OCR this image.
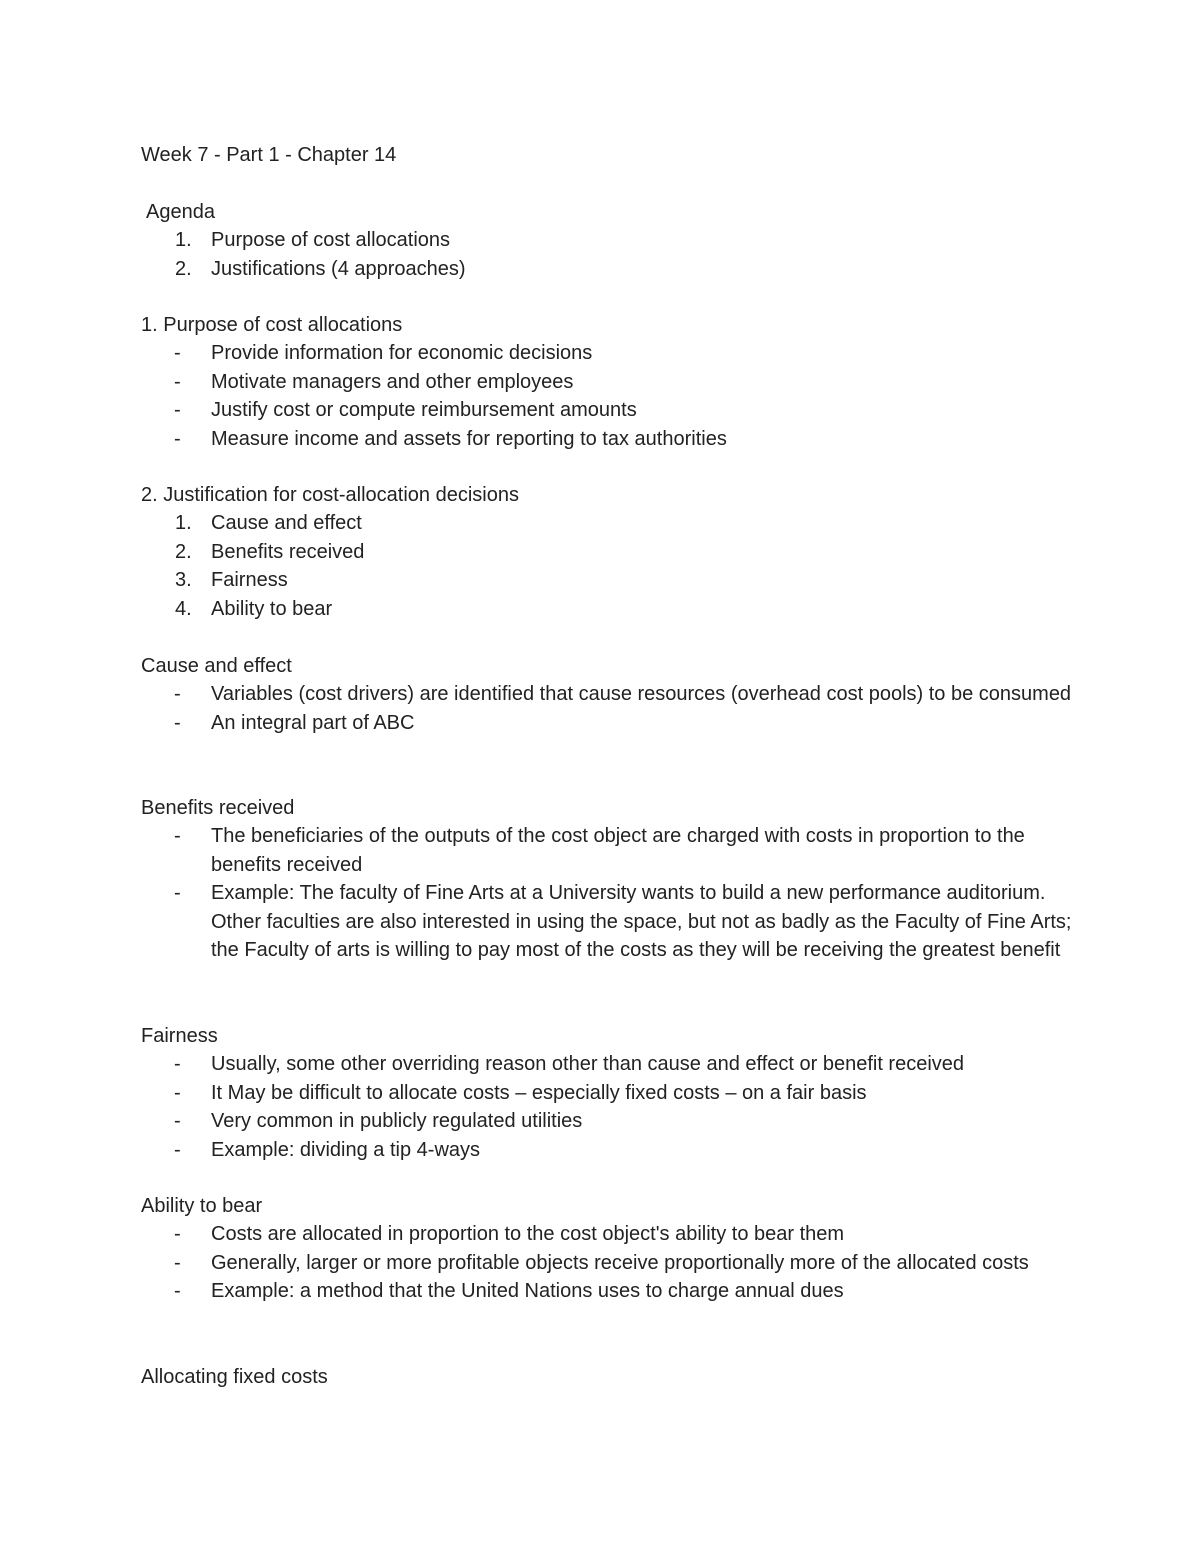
Week 7 - Part 1 - Chapter 14
Agenda
1. Purpose of cost allocations
2. Justifications (4 approaches)
1. Purpose of cost allocations
- Provide information for economic decisions
- Motivate managers and other employees
- Justify cost or compute reimbursement amounts
- Measure income and assets for reporting to tax authorities
2. Justification for cost-allocation decisions
1. Cause and effect
2. Benefits received
3. Fairness
4. Ability to bear
Cause and effect
- Variables (cost drivers) are identified that cause resources (overhead cost pools) to be consumed
- An integral part of ABC
Benefits received
- The beneficiaries of the outputs of the cost object are charged with costs in proportion to the benefits received
- Example: The faculty of Fine Arts at a University wants to build a new performance auditorium. Other faculties are also interested in using the space, but not as badly as the Faculty of Fine Arts; the Faculty of arts is willing to pay most of the costs as they will be receiving the greatest benefit
Fairness
- Usually, some other overriding reason other than cause and effect or benefit received
- It May be difficult to allocate costs – especially fixed costs – on a fair basis
- Very common in publicly regulated utilities
- Example: dividing a tip 4-ways
Ability to bear
- Costs are allocated in proportion to the cost object's ability to bear them
- Generally, larger or more profitable objects receive proportionally more of the allocated costs
- Example: a method that the United Nations uses to charge annual dues
Allocating fixed costs
